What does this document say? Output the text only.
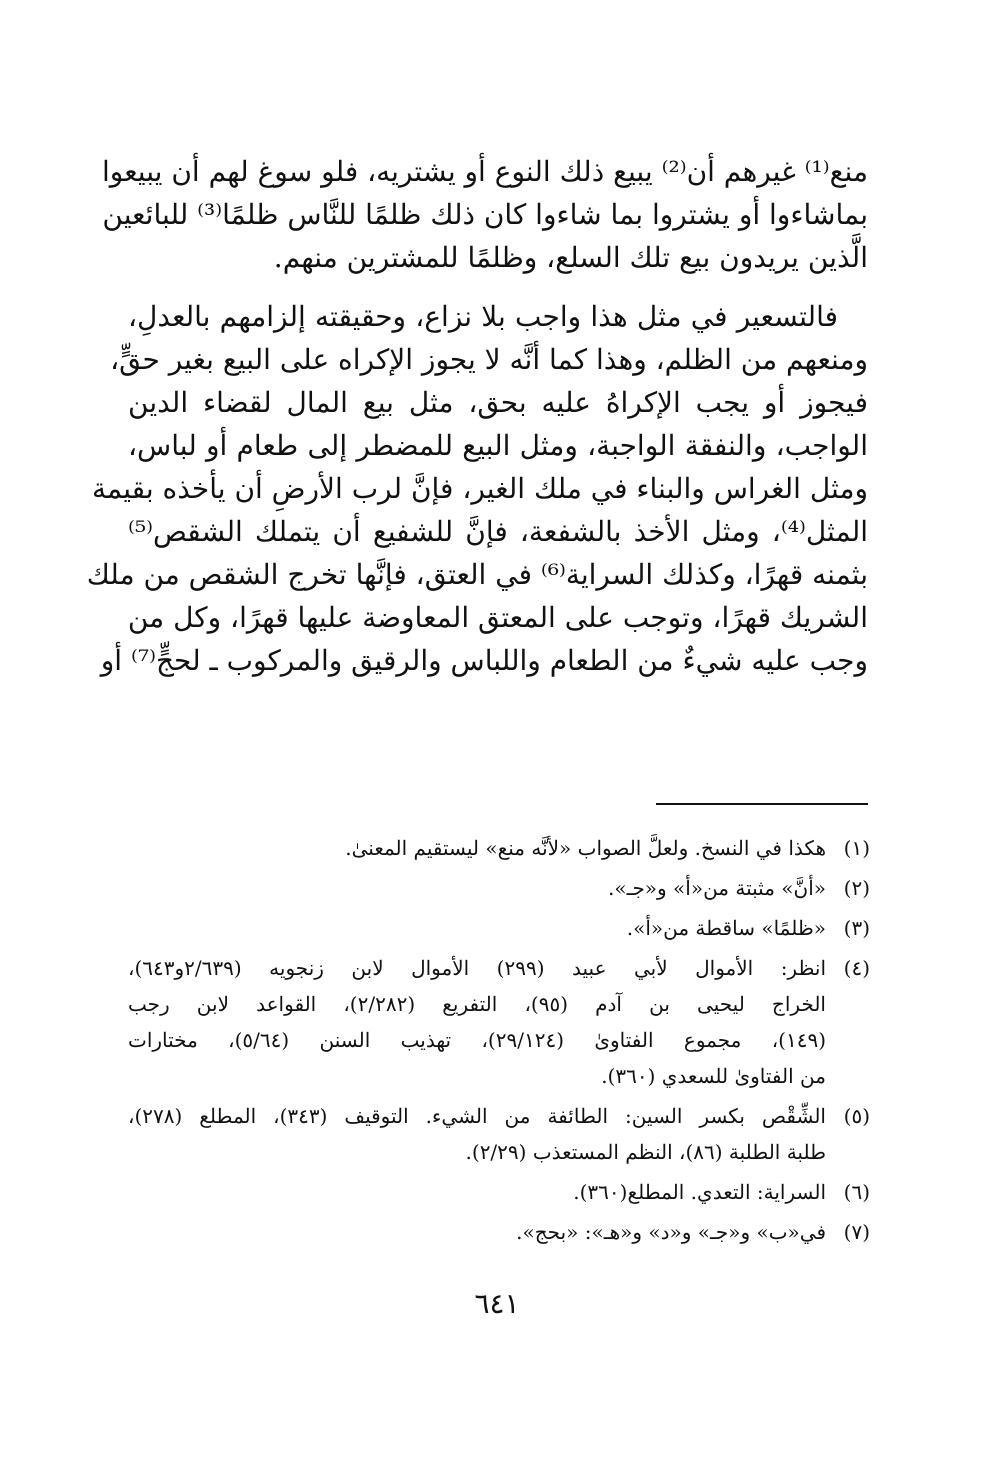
منع⁽¹⁾ غيرهم أن⁽²⁾ يبيع ذلك النوع أو يشتريه، فلو سوغ لهم أن يبيعوا
بماشاءوا أو يشتروا بما شاءوا كان ذلك ظلمًا للنَّاس ظلمًا⁽³⁾ للبائعين
الَّذين يريدون بيع تلك السلع، وظلمًا للمشترين منهم.
فالتسعير في مثل هذا واجب بلا نزاع، وحقيقته إلزامهم بالعدلِ،
ومنعهم من الظلم، وهذا كما أنَّه لا يجوز الإكراه على البيع بغير حقٍّ،
فيجوز أو يجب الإكراهُ عليه بحق، مثل بيع المال لقضاء الدين
الواجب، والنفقة الواجبة، ومثل البيع للمضطر إلى طعام أو لباس،
ومثل الغراس والبناء في ملك الغير، فإنَّ لرب الأرضِ أن يأخذه بقيمة
المثل⁽⁴⁾، ومثل الأخذ بالشفعة، فإنَّ للشفيع أن يتملك الشقص⁽⁵⁾
بثمنه قهرًا، وكذلك السراية⁽⁶⁾ في العتق، فإنَّها تخرج الشقص من ملك
الشريك قهرًا، وتوجب على المعتق المعاوضة عليها قهرًا، وكل من
وجب عليه شيءٌ من الطعام واللباس والرقيق والمركوب ـ لحجٍّ⁽⁷⁾ أو
(١)
هكذا في النسخ. ولعلَّ الصواب «لأنَّه منع» ليستقيم المعنىٰ.
(٢)
«أنَّ» مثبتة من«أ» و«جـ».
(٣)
«ظلمًا» ساقطة من«أ».
(٤)
انظر: الأموال لأبي عبيد (٢٩٩) الأموال لابن زنجويه (٢/٦٣٩و٦٤٣)،
الخراج ليحيى بن آدم (٩٥)، التفريع (٢/٢٨٢)، القواعد لابن رجب
(١٤٩)، مجموع الفتاوىٰ (٢٩/١٢٤)، تهذيب السنن (٥/٦٤)، مختارات
من الفتاوىٰ للسعدي (٣٦٠).
(٥)
الشِّقْص بكسر السين: الطائفة من الشيء. التوقيف (٣٤٣)، المطلع (٢٧٨)،
طلبة الطلبة (٨٦)، النظم المستعذب (٢/٢٩).
(٦)
السراية: التعدي. المطلع(٣٦٠).
(٧)
في«ب» و«جـ» و«د» و«هـ»: «بحج».
٦٤١
